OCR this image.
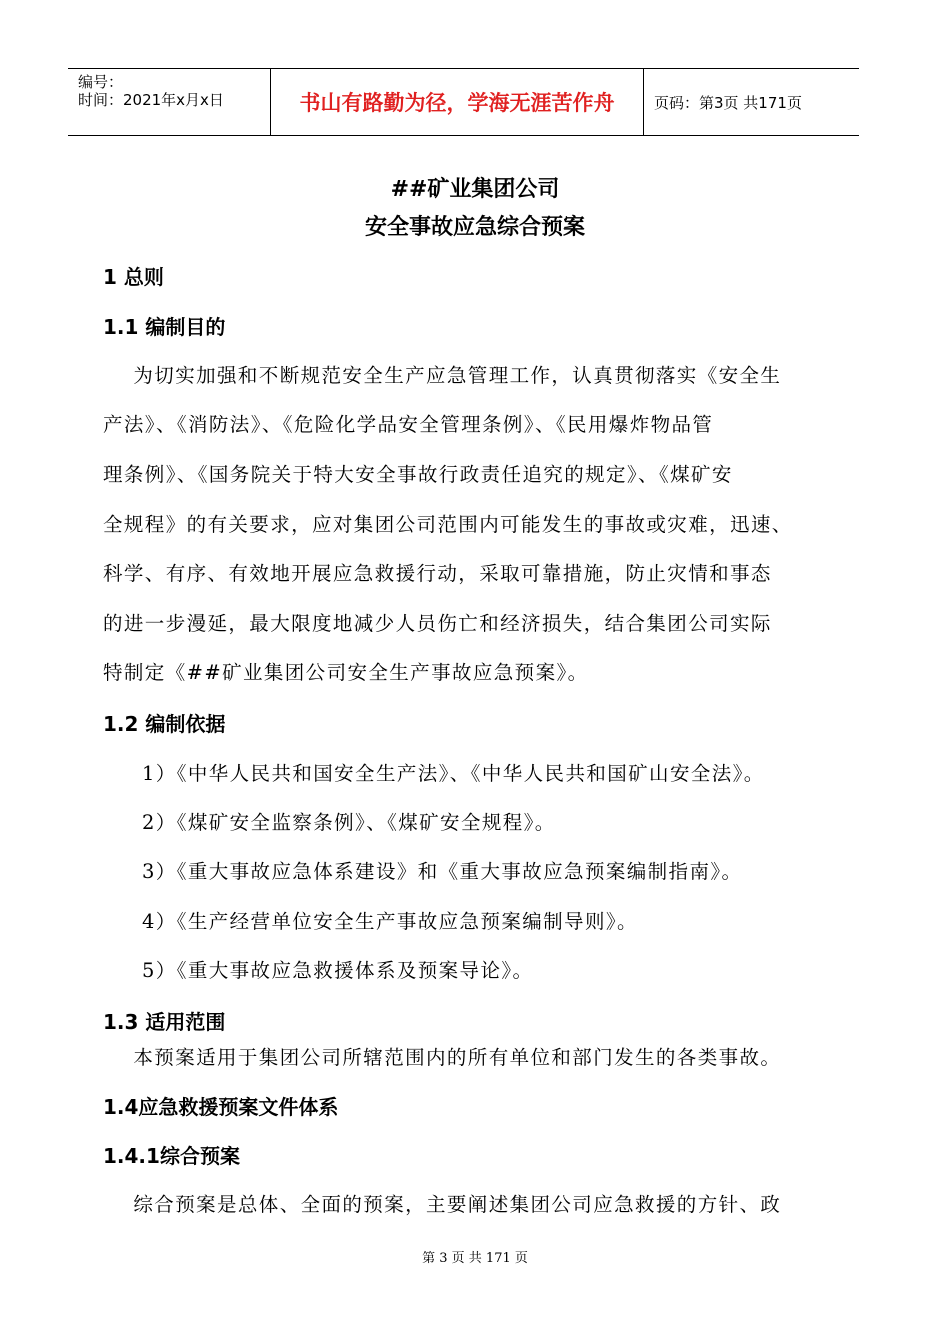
编号：
时间：2021年x月x日	书山有路勤为径，学海无涯苦作舟	页码：第3页 共171页
##矿业集团公司
安全事故应急综合预案
1 总则
1.1 编制目的
为切实加强和不断规范安全生产应急管理工作，认真贯彻落实《安全生
产法》、《消防法》、《危险化学品安全管理条例》、《民用爆炸物品管
理条例》、《国务院关于特大安全事故行政责任追究的规定》、《煤矿安
全规程》的有关要求，应对集团公司范围内可能发生的事故或灾难，迅速、
科学、有序、有效地开展应急救援行动，采取可靠措施，防止灾情和事态
的进一步漫延，最大限度地减少人员伤亡和经济损失，结合集团公司实际
特制定《##矿业集团公司安全生产事故应急预案》。
1.2 编制依据
1）《中华人民共和国安全生产法》、《中华人民共和国矿山安全法》。
2）《煤矿安全监察条例》、《煤矿安全规程》。
3）《重大事故应急体系建设》和《重大事故应急预案编制指南》。
4）《生产经营单位安全生产事故应急预案编制导则》。
5）《重大事故应急救援体系及预案导论》。
1.3 适用范围
本预案适用于集团公司所辖范围内的所有单位和部门发生的各类事故。
1.4应急救援预案文件体系
1.4.1综合预案
综合预案是总体、全面的预案，主要阐述集团公司应急救援的方针、政
第 3 页 共 171 页
